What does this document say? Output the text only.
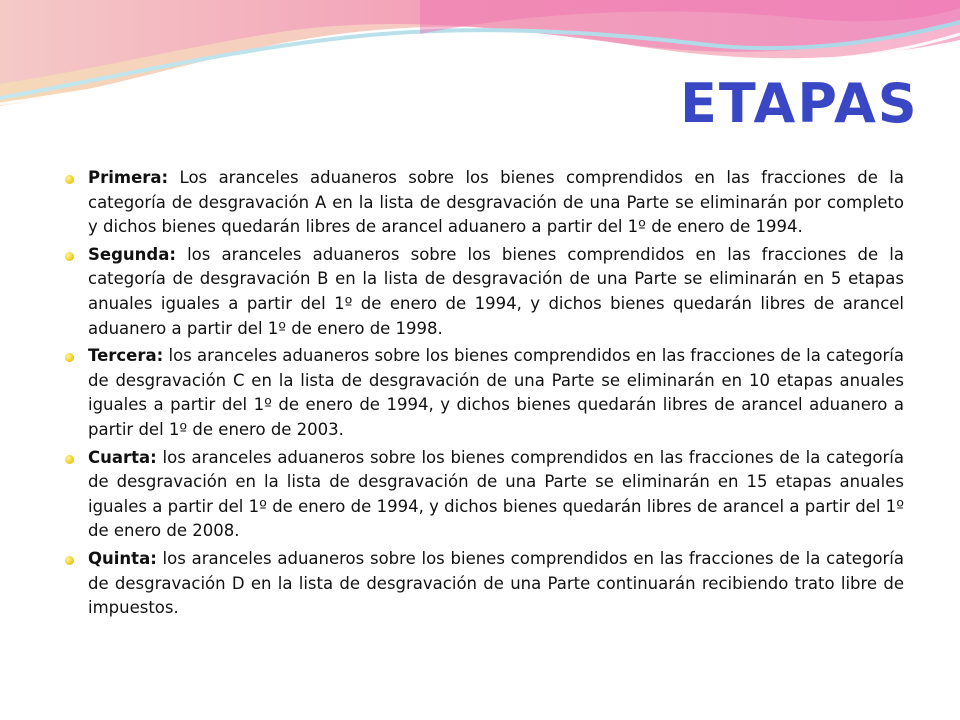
ETAPAS
Primera: Los aranceles aduaneros sobre los bienes comprendidos en las fracciones de la categoría de desgravación A en la lista de desgravación de una Parte se eliminarán por completo y dichos bienes quedarán libres de arancel aduanero a partir del 1º de enero de 1994.
Segunda: los aranceles aduaneros sobre los bienes comprendidos en las fracciones de la categoría de desgravación B en la lista de desgravación de una Parte se eliminarán en 5 etapas anuales iguales a partir del 1º de enero de 1994, y dichos bienes quedarán libres de arancel aduanero a partir del 1º de enero de 1998.
Tercera: los aranceles aduaneros sobre los bienes comprendidos en las fracciones de la categoría de desgravación C en la lista de desgravación de una Parte se eliminarán en 10 etapas anuales iguales a partir del 1º de enero de 1994, y dichos bienes quedarán libres de arancel aduanero a partir del 1º de enero de 2003.
Cuarta: los aranceles aduaneros sobre los bienes comprendidos en las fracciones de la categoría de desgravación en la lista de desgravación de una Parte se eliminarán en 15 etapas anuales iguales a partir del 1º de enero de 1994, y dichos bienes quedarán libres de arancel a partir del 1º de enero de 2008.
Quinta: los aranceles aduaneros sobre los bienes comprendidos en las fracciones de la categoría de desgravación D en la lista de desgravación de una Parte continuarán recibiendo trato libre de impuestos.
